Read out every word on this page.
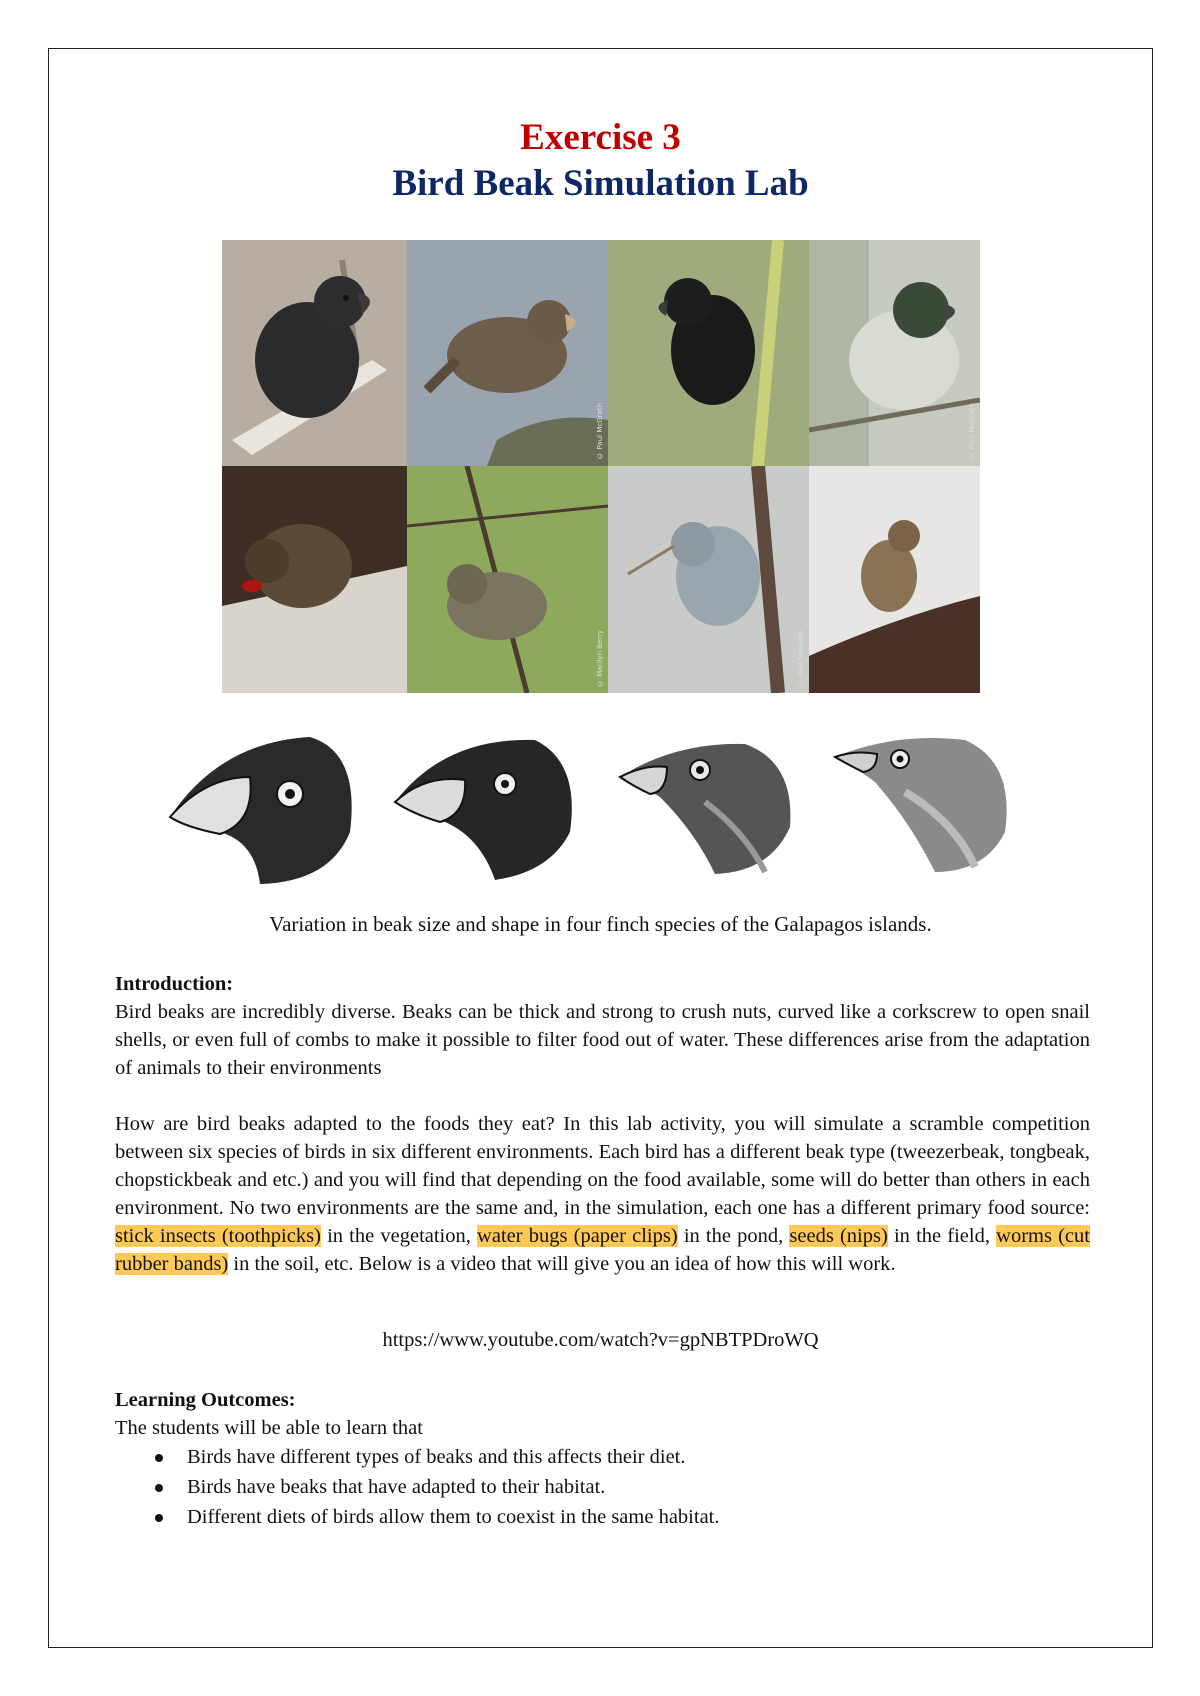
Exercise 3
Bird Beak Simulation Lab
© Paul McGrath	© Paul McGrath
© Marilyn Berry	© Paul McGrath
Variation in beak size and shape in four finch species of the Galapagos islands.
Introduction:
Bird beaks are incredibly diverse. Beaks can be thick and strong to crush nuts, curved like a corkscrew to open snail shells, or even full of combs to make it possible to filter food out of water. These differences arise from the adaptation of animals to their environments
How are bird beaks adapted to the foods they eat? In this lab activity, you will simulate a scramble competition between six species of birds in six different environments. Each bird has a different beak type (tweezerbeak, tongbeak, chopstickbeak and etc.) and you will find that depending on the food available, some will do better than others in each environment. No two environments are the same and, in the simulation, each one has a different primary food source: stick insects (toothpicks) in the vegetation, water bugs (paper clips) in the pond, seeds (nips) in the field, worms (cut rubber bands) in the soil, etc. Below is a video that will give you an idea of how this will work.
https://www.youtube.com/watch?v=gpNBTPDroWQ
Learning Outcomes:
The students will be able to learn that
Birds have different types of beaks and this affects their diet.
Birds have beaks that have adapted to their habitat.
Different diets of birds allow them to coexist in the same habitat.
